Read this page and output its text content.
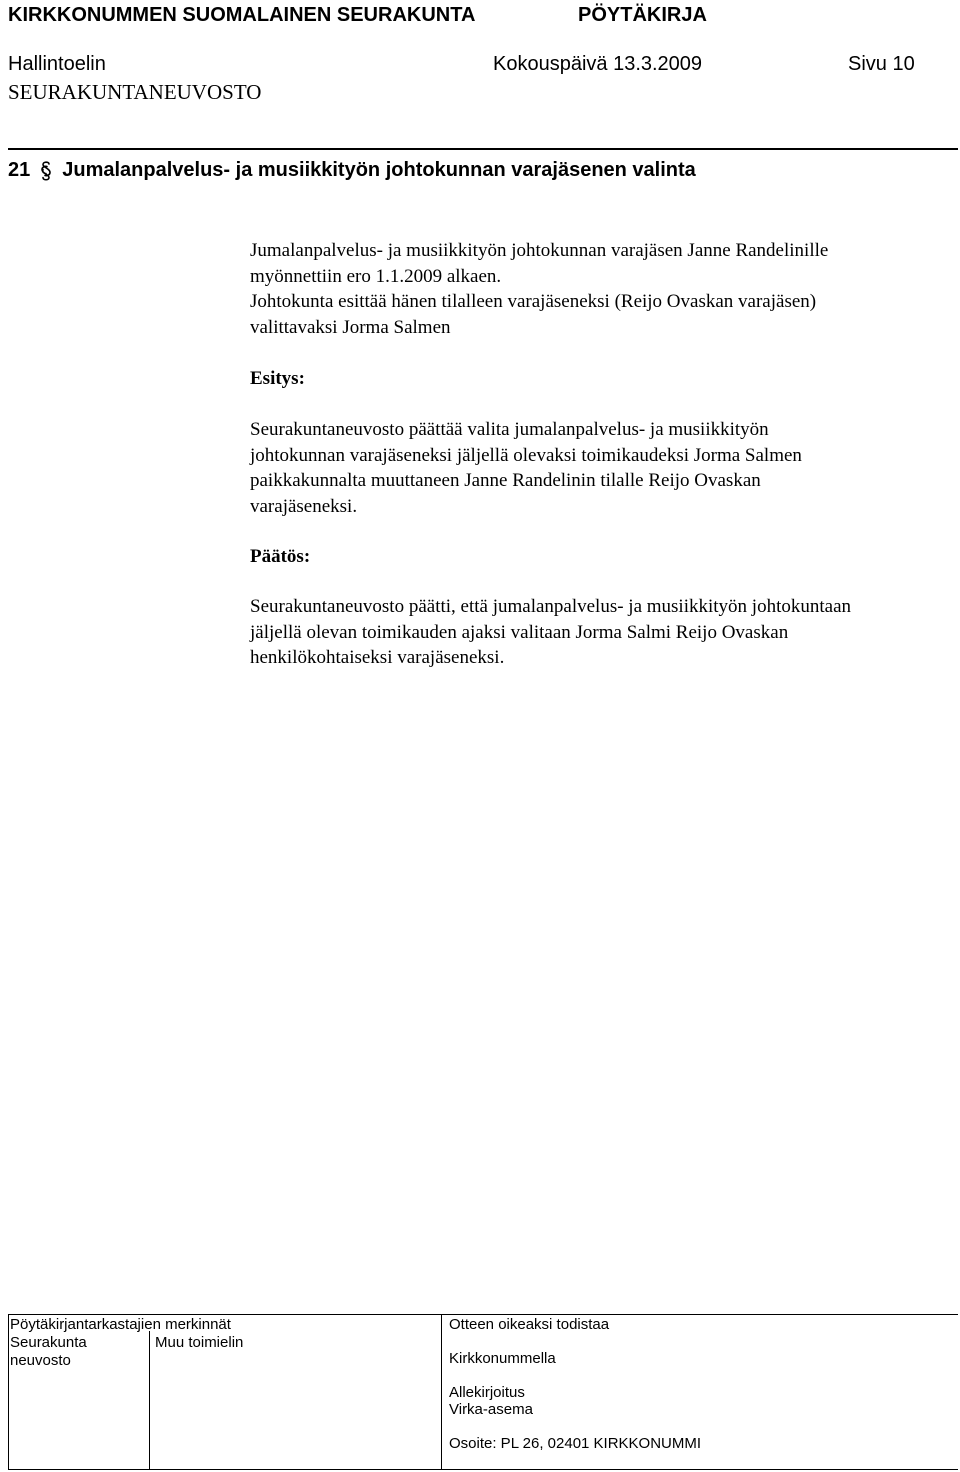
KIRKKONUMMEN SUOMALAINEN SEURAKUNTA	PÖYTÄKIRJA
Hallintoelin	Kokouspäivä 13.3.2009	Sivu 10
SEURAKUNTANEUVOSTO
21 Jumalanpalvelus- ja musiikkityön johtokunnan varajäsenen valinta
Jumalanpalvelus- ja musiikkityön johtokunnan varajäsen Janne Randelinille
myönnettiin ero 1.1.2009 alkaen.
Johtokunta esittää hänen tilalleen varajäseneksi (Reijo Ovaskan varajäsen)
valittavaksi Jorma Salmen
Esitys:
Seurakuntaneuvosto päättää valita jumalanpalvelus- ja musiikkityön
johtokunnan varajäseneksi jäljellä olevaksi toimikaudeksi Jorma Salmen
paikkakunnalta muuttaneen Janne Randelinin tilalle Reijo Ovaskan
varajäseneksi.
Päätös:
Seurakuntaneuvosto päätti, että jumalanpalvelus- ja musiikkityön johtokuntaan
jäljellä olevan toimikauden ajaksi valitaan Jorma Salmi Reijo Ovaskan
henkilökohtaiseksi varajäseneksi.
Pöytäkirjantarkastajien merkinnät
Seurakunta
neuvosto
Muu toimielin
Otteen oikeaksi todistaa
Kirkkonummella
Allekirjoitus
Virka-asema
Osoite: PL 26, 02401 KIRKKONUMMI
